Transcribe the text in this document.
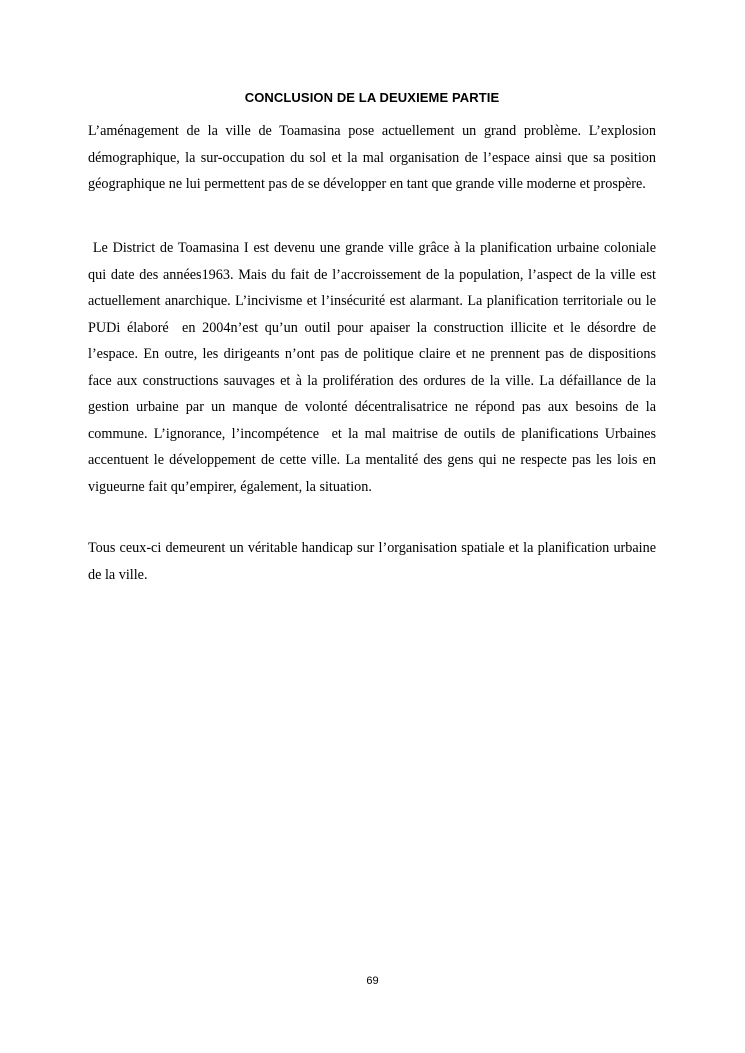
CONCLUSION DE LA DEUXIEME PARTIE

L’aménagement de la ville de Toamasina pose actuellement un grand problème. L’explosion démographique, la sur-occupation du sol et la mal organisation de l’espace ainsi que sa position géographique ne lui permettent pas de se développer en tant que grande ville moderne et prospère.

Le District de Toamasina I est devenu une grande ville grâce à la planification urbaine coloniale qui date des années1963. Mais du fait de l’accroissement de la population, l’aspect de la ville est actuellement anarchique. L’incivisme et l’insécurité est alarmant. La planification territoriale ou le PUDi élaboré  en 2004n’est qu’un outil pour apaiser la construction illicite et le désordre de l’espace. En outre, les dirigeants n’ont pas de politique claire et ne prennent pas de dispositions face aux constructions sauvages et à la prolifération des ordures de la ville. La défaillance de la gestion urbaine par un manque de volonté décentralisatrice ne répond pas aux besoins de la commune. L’ignorance, l’incompétence  et la mal maitrise de outils de planifications Urbaines accentuent le développement de cette ville. La mentalité des gens qui ne respecte pas les lois en vigueurne fait qu’empirer, également, la situation.

Tous ceux-ci demeurent un véritable handicap sur l’organisation spatiale et la planification urbaine de la ville.

69
